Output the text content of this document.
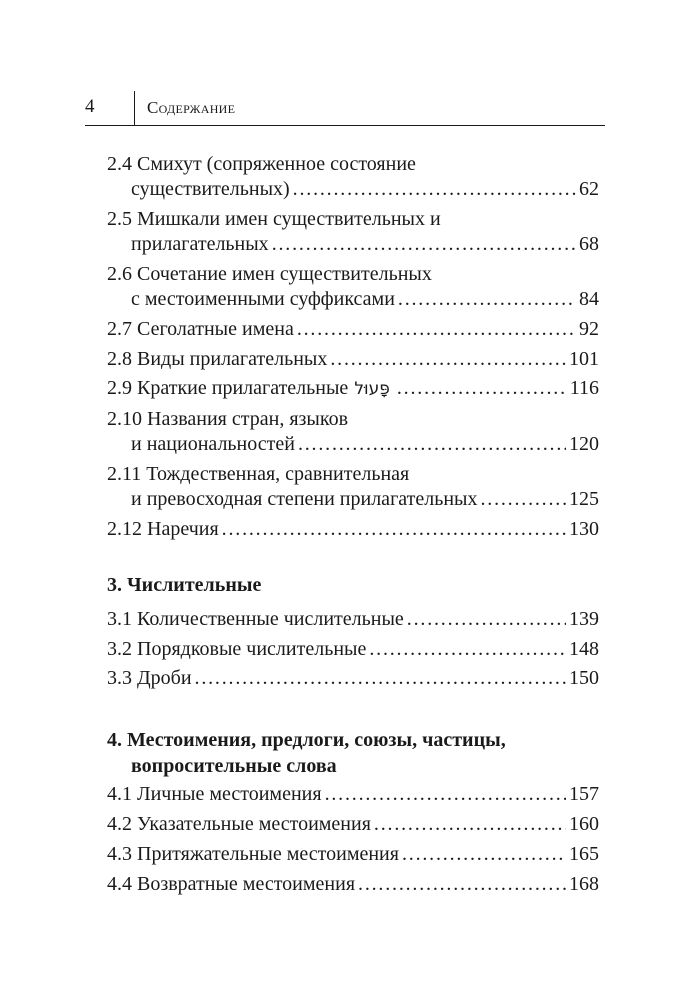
4	Содержание
2.4 Смихут (сопряженное состояние
существительных) . . .	62
2.5 Мишкали имен существительных и
прилагательных . . .	68
2.6 Сочетание имен существительных
с местоименными суффиксами . . .	84
2.7 Сеголатные имена . . .	92
2.8 Виды прилагательных . . .	101
2.9 Краткие прилагательные פָּעוּל . . .	116
2.10 Названия стран, языков
и национальностей . . .	120
2.11 Тождественная, сравнительная
и превосходная степени прилагательных . . .	125
2.12 Наречия . . .	130
3. Числительные
3.1 Количественные числительные . . .	139
3.2 Порядковые числительные . . .	148
3.3 Дроби . . .	150
4. Местоимения, предлоги, союзы, частицы,
вопросительные слова
4.1 Личные местоимения . . .	157
4.2 Указательные местоимения . . .	160
4.3 Притяжательные местоимения . . .	165
4.4 Возвратные местоимения . . .	168
